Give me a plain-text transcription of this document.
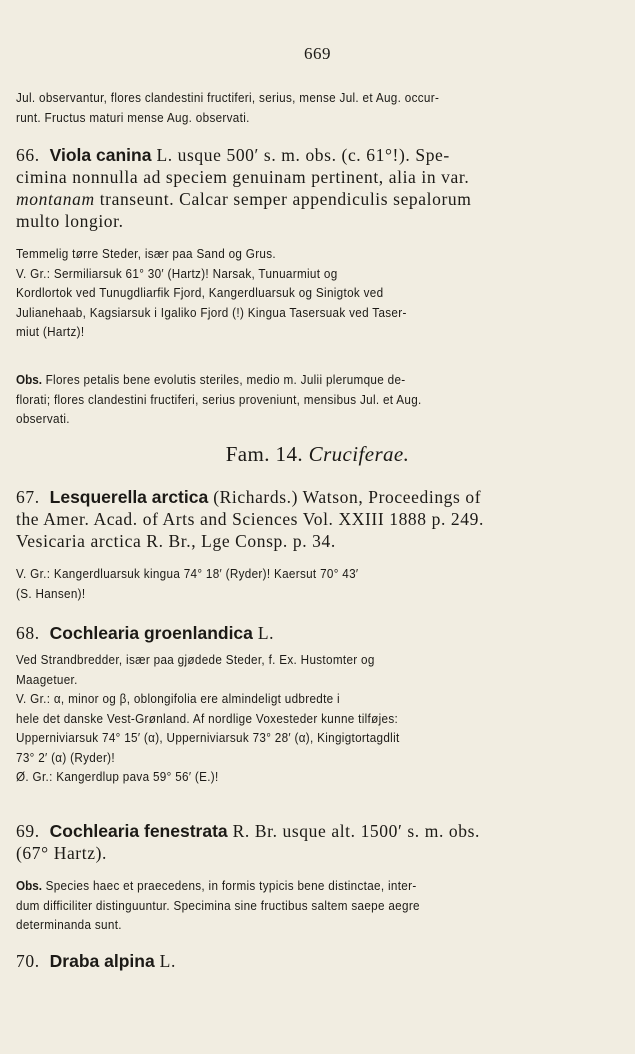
669
Jul. observantur, flores clandestini fructiferi, serius, mense Jul. et Aug. occur-
runt. Fructus maturi mense Aug. observati.
66. Viola canina L. usque 500′ s. m. obs. (c. 61°!). Spe-
cimina nonnulla ad speciem genuinam pertinent, alia in var.
montanam transeunt. Calcar semper appendiculis sepalorum
multo longior.
Temmelig tørre Steder, især paa Sand og Grus.
V. Gr.: Sermiliarsuk 61° 30′ (Hartz)! Narsak, Tunuarmiut og
Kordlortok ved Tunugdliarfik Fjord, Kangerdluarsuk og Sinigtok ved
Julianehaab, Kagsiarsuk i Igaliko Fjord (!) Kingua Tasersuak ved Taser-
miut (Hartz)!
Obs. Flores petalis bene evolutis steriles, medio m. Julii plerumque de-
florati; flores clandestini fructiferi, serius proveniunt, mensibus Jul. et Aug.
observati.
Fam. 14. Cruciferae.
67. Lesquerella arctica (Richards.) Watson, Proceedings of
the Amer. Acad. of Arts and Sciences Vol. XXIII 1888 p. 249.
Vesicaria arctica R. Br., Lge Consp. p. 34.
V. Gr.: Kangerdluarsuk kingua 74° 18′ (Ryder)! Kaersut 70° 43′
(S. Hansen)!
68. Cochlearia groenlandica L.
Ved Strandbredder, især paa gjødede Steder, f. Ex. Hustomter og
Maagetuer.
V. Gr.: α, minor og β, oblongifolia ere almindeligt udbredte i
hele det danske Vest-Grønland. Af nordlige Voxesteder kunne tilføjes:
Upperniviarsuk 74° 15′ (α), Upperniviarsuk 73° 28′ (α), Kingigtortagdlit
73° 2′ (α) (Ryder)!
Ø. Gr.: Kangerdlup pava 59° 56′ (E.)!
69. Cochlearia fenestrata R. Br. usque alt. 1500′ s. m. obs.
(67° Hartz).
Obs. Species haec et praecedens, in formis typicis bene distinctae, inter-
dum difficiliter distinguuntur. Specimina sine fructibus saltem saepe aegre
determinanda sunt.
70. Draba alpina L.
